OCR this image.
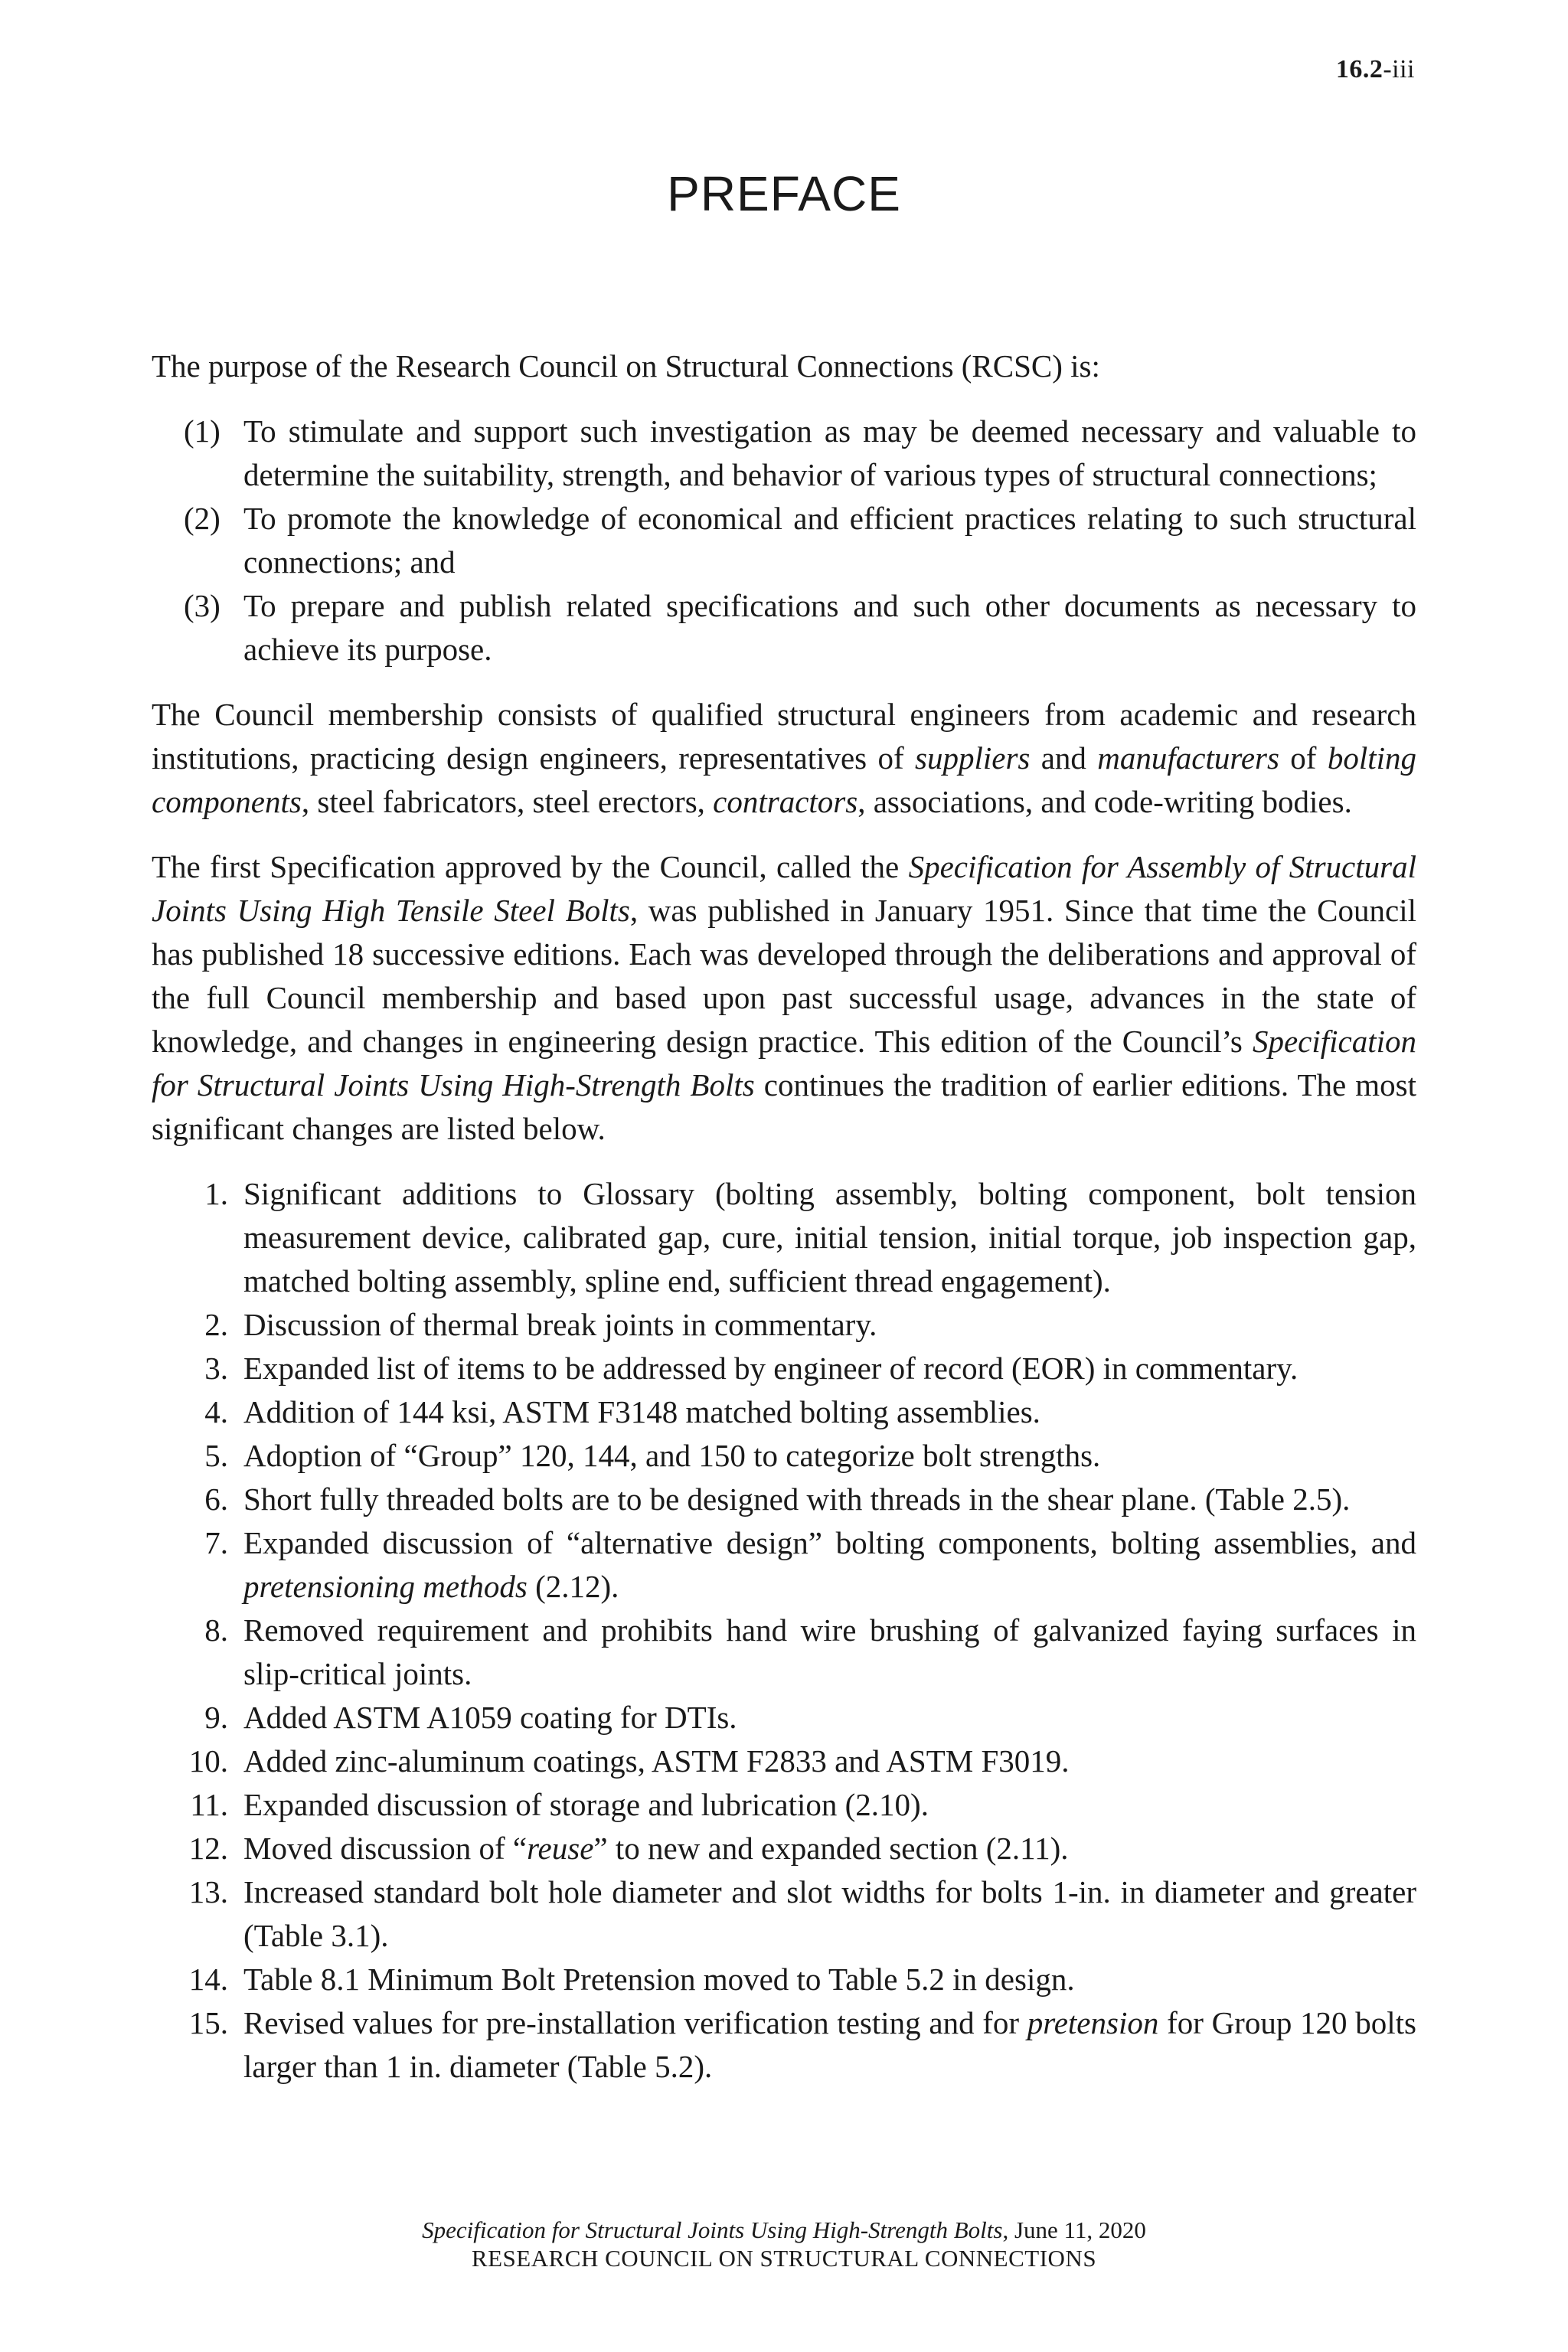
16.2-iii
PREFACE

The purpose of the Research Council on Structural Connections (RCSC) is:

(1) To stimulate and support such investigation as may be deemed necessary and valuable to determine the suitability, strength, and behavior of various types of structural connections;
(2) To promote the knowledge of economical and efficient practices relating to such structural connections; and
(3) To prepare and publish related specifications and such other documents as necessary to achieve its purpose.

The Council membership consists of qualified structural engineers from academic and research institutions, practicing design engineers, representatives of suppliers and manufacturers of bolting components, steel fabricators, steel erectors, contractors, associations, and code-writing bodies.

The first Specification approved by the Council, called the Specification for Assembly of Structural Joints Using High Tensile Steel Bolts, was published in January 1951. Since that time the Council has published 18 successive editions. Each was developed through the deliberations and approval of the full Council membership and based upon past successful usage, advances in the state of knowledge, and changes in engineering design practice. This edition of the Council’s Specification for Structural Joints Using High-Strength Bolts continues the tradition of earlier editions. The most significant changes are listed below.

1. Significant additions to Glossary (bolting assembly, bolting component, bolt tension measurement device, calibrated gap, cure, initial tension, initial torque, job inspection gap, matched bolting assembly, spline end, sufficient thread engagement).
2. Discussion of thermal break joints in commentary.
3. Expanded list of items to be addressed by engineer of record (EOR) in commentary.
4. Addition of 144 ksi, ASTM F3148 matched bolting assemblies.
5. Adoption of “Group” 120, 144, and 150 to categorize bolt strengths.
6. Short fully threaded bolts are to be designed with threads in the shear plane. (Table 2.5).
7. Expanded discussion of “alternative design” bolting components, bolting assemblies, and pretensioning methods (2.12).
8. Removed requirement and prohibits hand wire brushing of galvanized faying surfaces in slip-critical joints.
9. Added ASTM A1059 coating for DTIs.
10. Added zinc-aluminum coatings, ASTM F2833 and ASTM F3019.
11. Expanded discussion of storage and lubrication (2.10).
12. Moved discussion of “reuse” to new and expanded section (2.11).
13. Increased standard bolt hole diameter and slot widths for bolts 1-in. in diameter and greater (Table 3.1).
14. Table 8.1 Minimum Bolt Pretension moved to Table 5.2 in design.
15. Revised values for pre-installation verification testing and for pretension for Group 120 bolts larger than 1 in. diameter (Table 5.2).
Specification for Structural Joints Using High-Strength Bolts, June 11, 2020
RESEARCH COUNCIL ON STRUCTURAL CONNECTIONS
